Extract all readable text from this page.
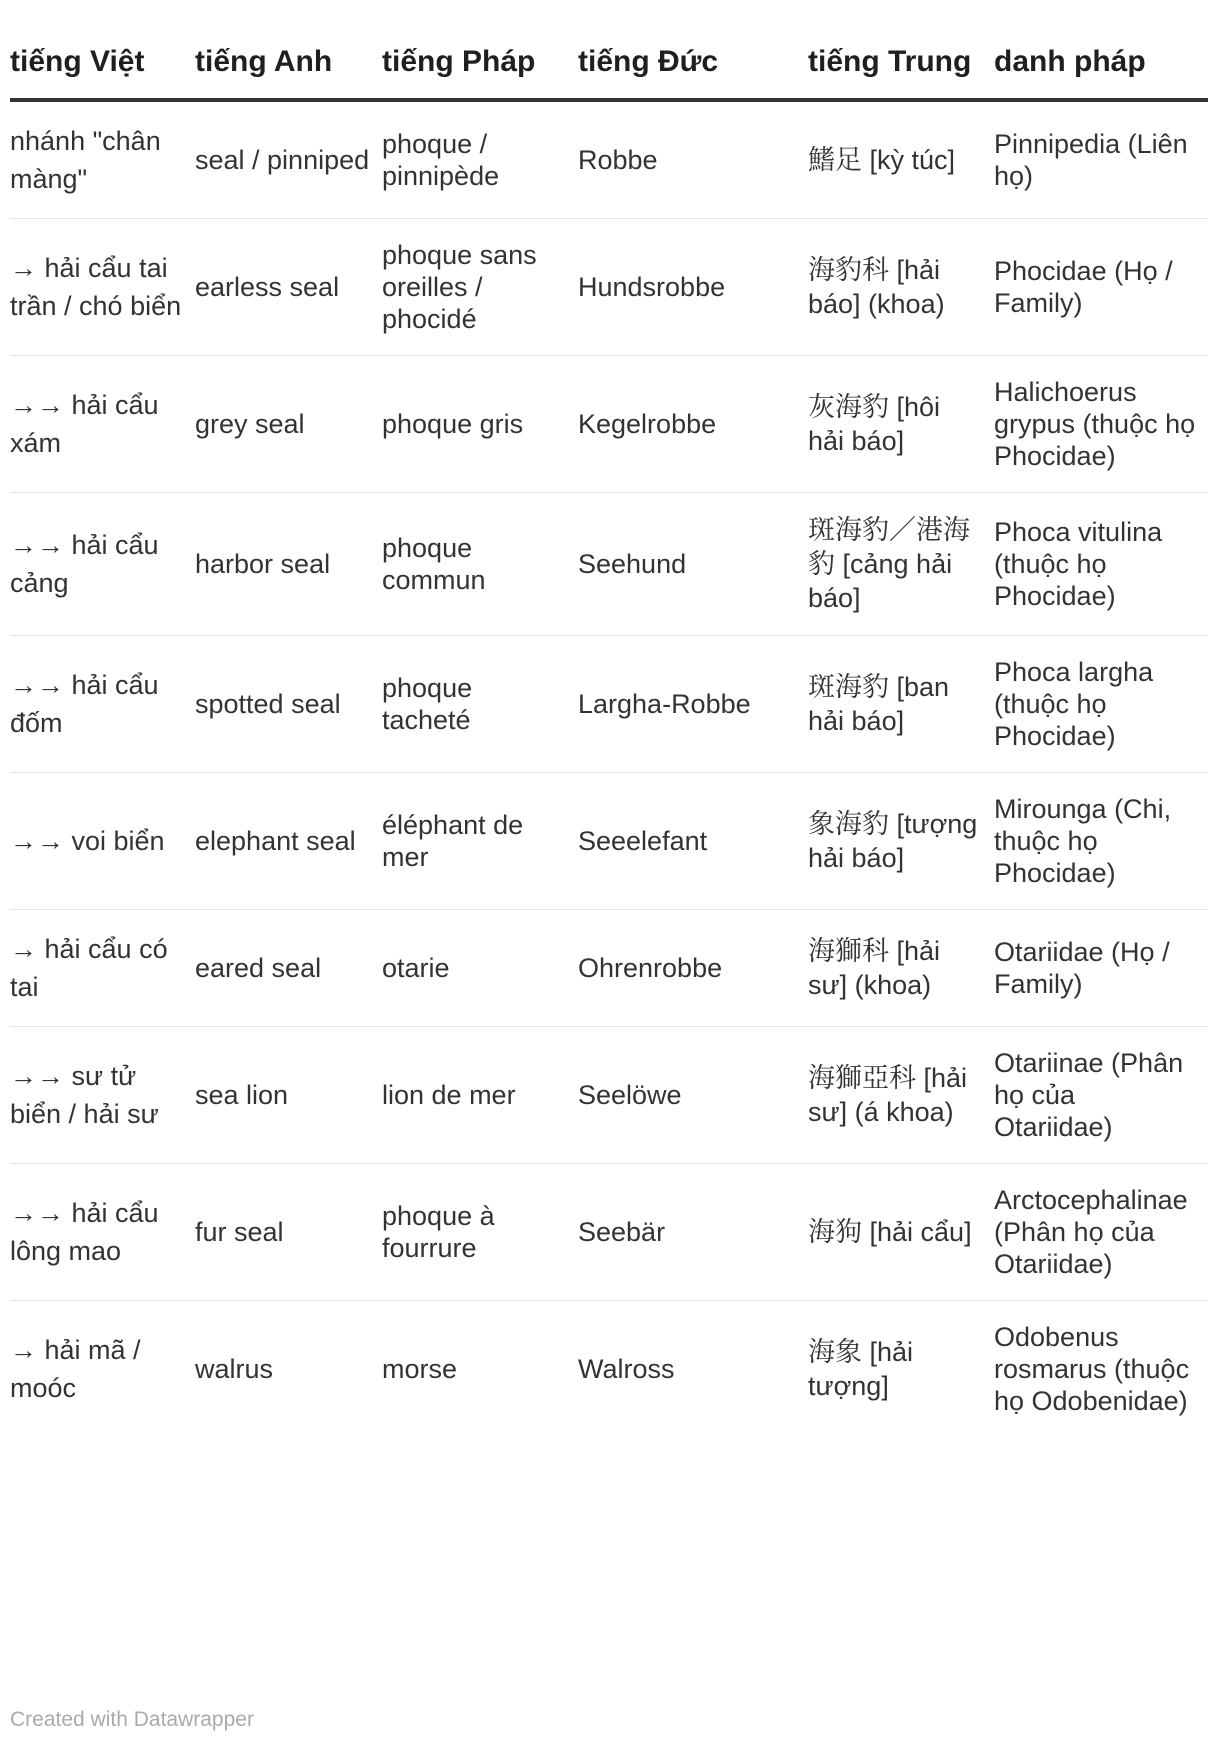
tiếng Việt	tiếng Anh	tiếng Pháp	tiếng Đức	tiếng Trung	danh pháp
nhánh "chân màng"	seal / pinniped	phoque / pinnipède	Robbe	鰭足 [kỳ túc]	Pinnipedia (Liên họ)
→ hải cẩu tai trần / chó biển	earless seal	phoque sans oreilles / phocidé	Hundsrobbe	海豹科 [hải báo] (khoa)	Phocidae (Họ / Family)
→→ hải cẩu xám	grey seal	phoque gris	Kegelrobbe	灰海豹 [hôi hải báo]	Halichoerus grypus (thuộc họ Phocidae)
→→ hải cẩu cảng	harbor seal	phoque commun	Seehund	斑海豹／港海豹 [cảng hải báo]	Phoca vitulina (thuộc họ Phocidae)
→→ hải cẩu đốm	spotted seal	phoque tacheté	Largha-Robbe	斑海豹 [ban hải báo]	Phoca largha (thuộc họ Phocidae)
→→ voi biển	elephant seal	éléphant de mer	Seeelefant	象海豹 [tượng hải báo]	Mirounga (Chi, thuộc họ Phocidae)
→ hải cẩu có tai	eared seal	otarie	Ohrenrobbe	海獅科 [hải sư] (khoa)	Otariidae (Họ / Family)
→→ sư tử biển / hải sư	sea lion	lion de mer	Seelöwe	海獅亞科 [hải sư] (á khoa)	Otariinae (Phân họ của Otariidae)
→→ hải cẩu lông mao	fur seal	phoque à fourrure	Seebär	海狗 [hải cẩu]	Arctocephalinae (Phân họ của Otariidae)
→ hải mã / moóc	walrus	morse	Walross	海象 [hải tượng]	Odobenus rosmarus (thuộc họ Odobenidae)
Created with Datawrapper
